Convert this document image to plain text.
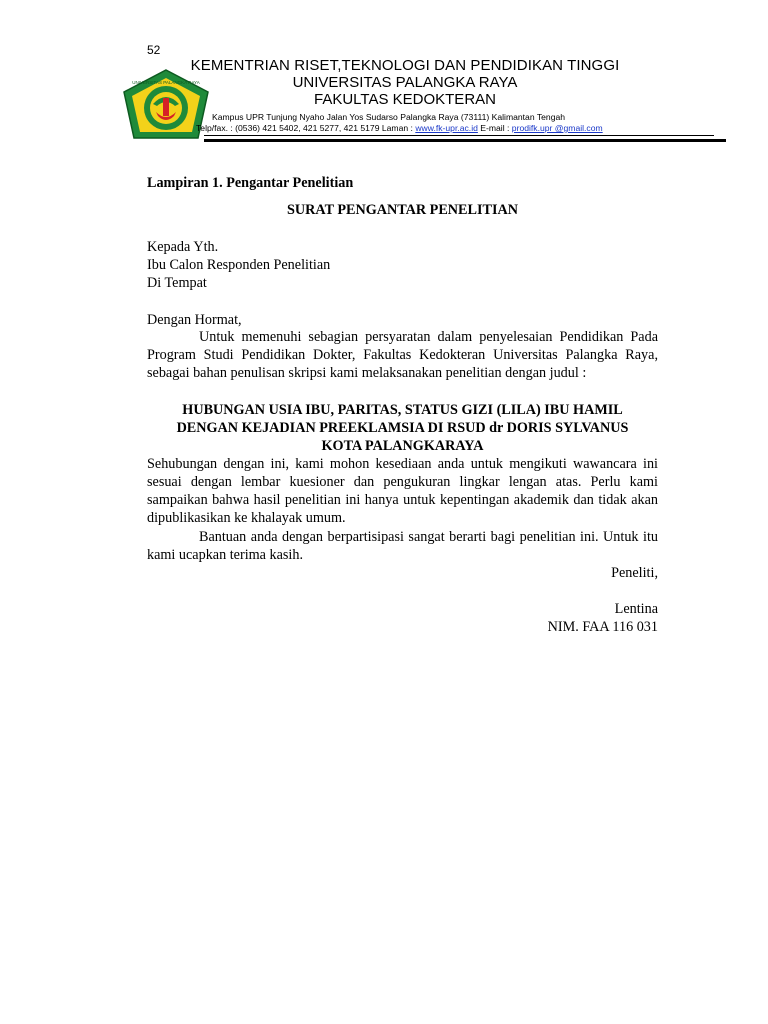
52
UNIVERSITAS PALANGKA RAYA
KEMENTRIAN RISET,TEKNOLOGI DAN PENDIDIKAN TINGGI
UNIVERSITAS PALANGKA RAYA
FAKULTAS KEDOKTERAN
Kampus UPR Tunjung Nyaho Jalan Yos Sudarso Palangka Raya (73111) Kalimantan Tengah
Telp/fax. : (0536) 421 5402, 421 5277, 421 5179 Laman : www.fk-upr.ac.id E-mail : prodifk.upr @gmail.com
Lampiran 1. Pengantar Penelitian
SURAT PENGANTAR PENELITIAN
Kepada Yth.
Ibu Calon Responden Penelitian
Di Tempat
Dengan Hormat,
Untuk memenuhi sebagian persyaratan dalam penyelesaian Pendidikan Pada Program Studi Pendidikan Dokter, Fakultas Kedokteran Universitas Palangka Raya, sebagai bahan penulisan skripsi kami melaksanakan penelitian dengan judul :
HUBUNGAN USIA IBU, PARITAS, STATUS GIZI (LILA) IBU HAMIL
DENGAN KEJADIAN PREEKLAMSIA DI RSUD dr DORIS SYLVANUS
KOTA PALANGKARAYA
Sehubungan dengan ini, kami mohon kesediaan anda untuk mengikuti wawancara ini sesuai dengan lembar kuesioner dan pengukuran lingkar lengan atas. Perlu kami sampaikan bahwa hasil penelitian ini hanya untuk kepentingan akademik dan tidak akan dipublikasikan ke khalayak umum.
Bantuan anda dengan berpartisipasi sangat berarti bagi penelitian ini. Untuk itu kami ucapkan terima kasih.
Peneliti,
Lentina
NIM. FAA 116 031
